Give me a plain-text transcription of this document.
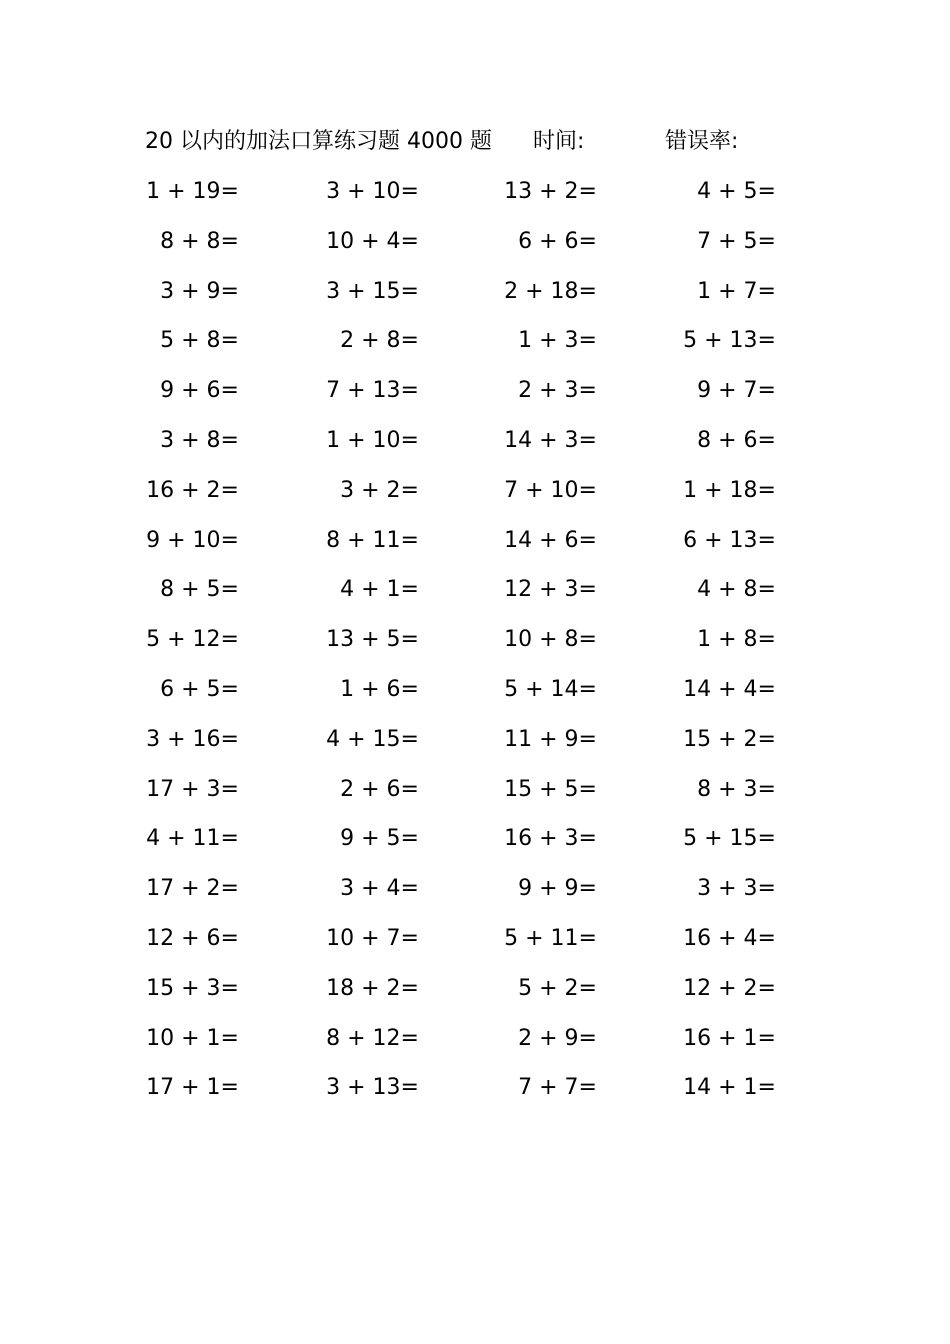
20 以内的加法口算练习题 4000 题 时间:	错误率:
1 + 19=	3 + 10=	13 + 2=	4 + 5=
8 + 8=	10 + 4=	6 + 6=	7 + 5=
3 + 9=	3 + 15=	2 + 18=	1 + 7=
5 + 8=	2 + 8=	1 + 3=	5 + 13=
9 + 6=	7 + 13=	2 + 3=	9 + 7=
3 + 8=	1 + 10=	14 + 3=	8 + 6=
16 + 2=	3 + 2=	7 + 10=	1 + 18=
9 + 10=	8 + 11=	14 + 6=	6 + 13=
8 + 5=	4 + 1=	12 + 3=	4 + 8=
5 + 12=	13 + 5=	10 + 8=	1 + 8=
6 + 5=	1 + 6=	5 + 14=	14 + 4=
3 + 16=	4 + 15=	11 + 9=	15 + 2=
17 + 3=	2 + 6=	15 + 5=	8 + 3=
4 + 11=	9 + 5=	16 + 3=	5 + 15=
17 + 2=	3 + 4=	9 + 9=	3 + 3=
12 + 6=	10 + 7=	5 + 11=	16 + 4=
15 + 3=	18 + 2=	5 + 2=	12 + 2=
10 + 1=	8 + 12=	2 + 9=	16 + 1=
17 + 1=	3 + 13=	7 + 7=	14 + 1=
